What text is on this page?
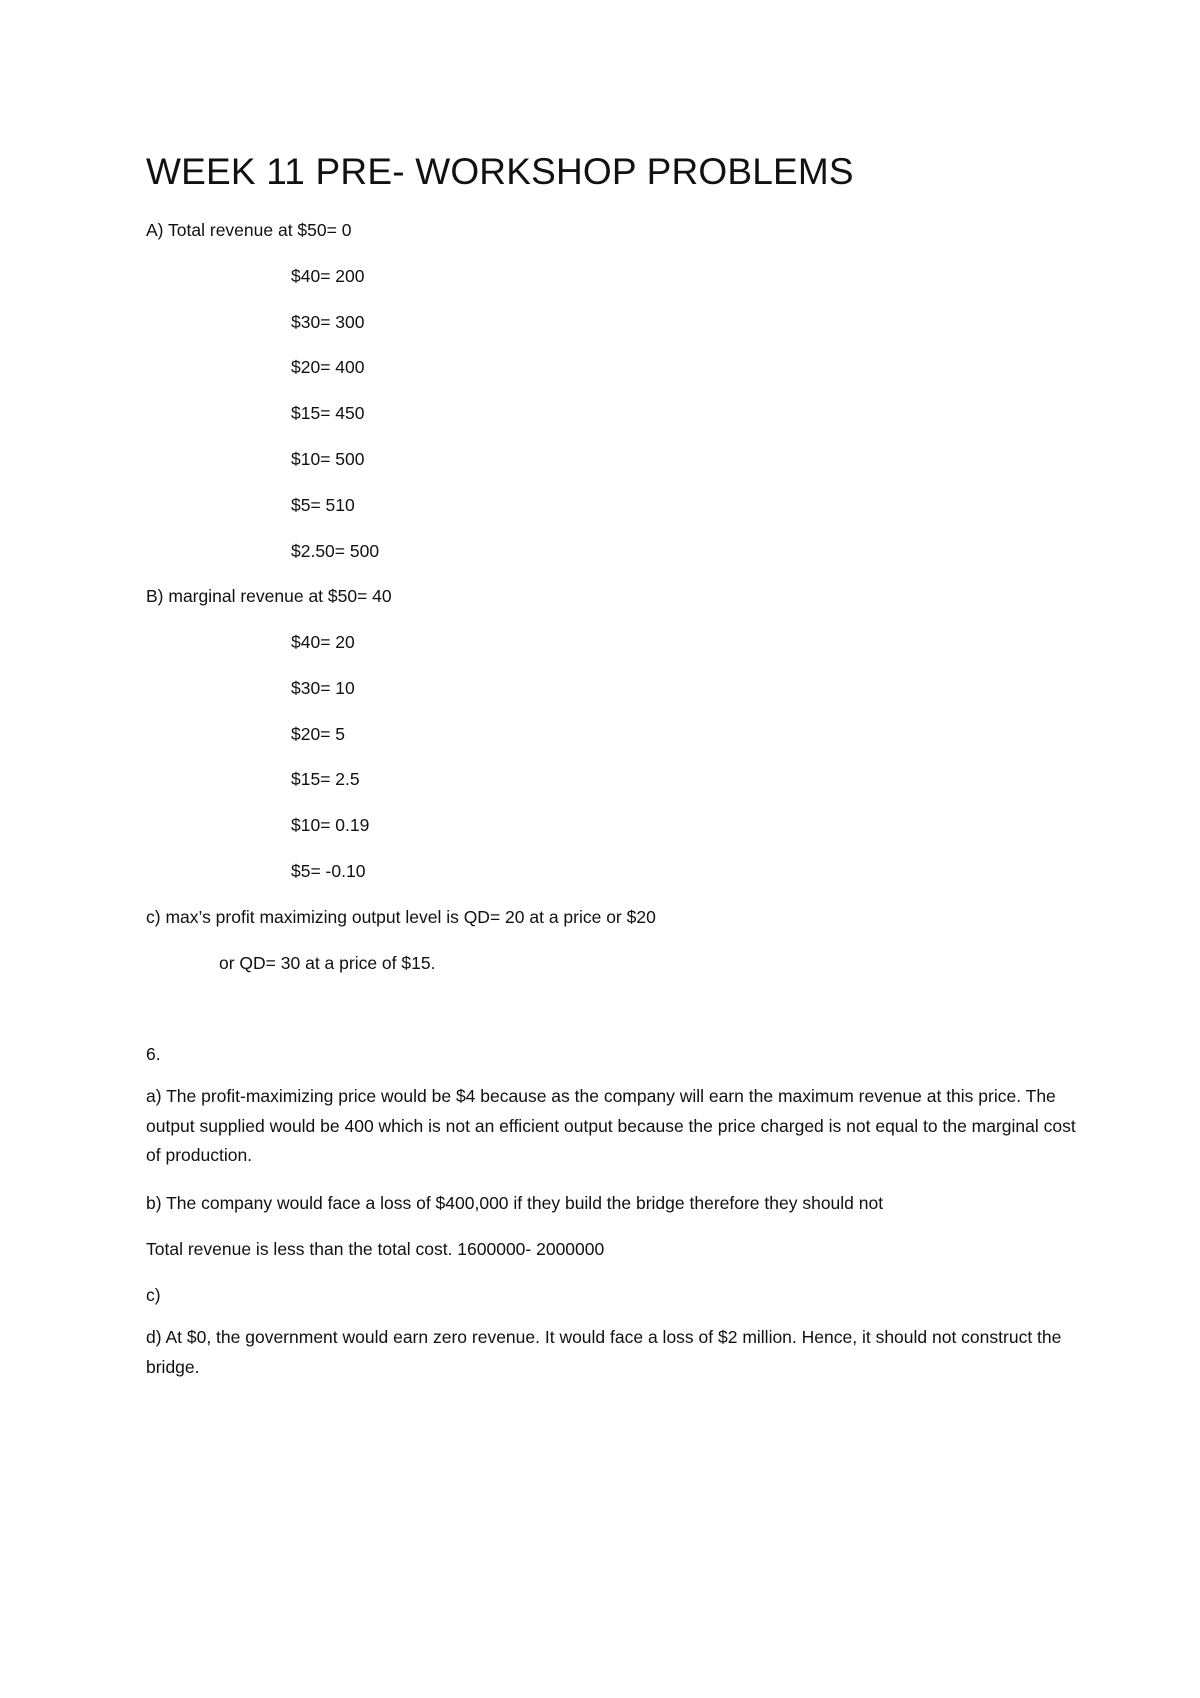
WEEK 11 PRE- WORKSHOP PROBLEMS
A) Total revenue at $50= 0
$40= 200
$30= 300
$20= 400
$15= 450
$10= 500
$5= 510
$2.50= 500
B) marginal revenue at $50= 40
$40= 20
$30= 10
$20= 5
$15= 2.5
$10= 0.19
$5= -0.10
c) max’s profit maximizing output level is QD= 20 at a price or $20
or QD= 30 at a price of $15.
6.
a) The profit-maximizing price would be $4 because as the company will earn the maximum revenue at this price. The output supplied would be 400 which is not an efficient output because the price charged is not equal to the marginal cost of production.
b) The company would face a loss of $400,000 if they build the bridge therefore they should not
Total revenue is less than the total cost. 1600000- 2000000
c)
d) At $0, the government would earn zero revenue. It would face a loss of $2 million. Hence, it should not construct the bridge.
